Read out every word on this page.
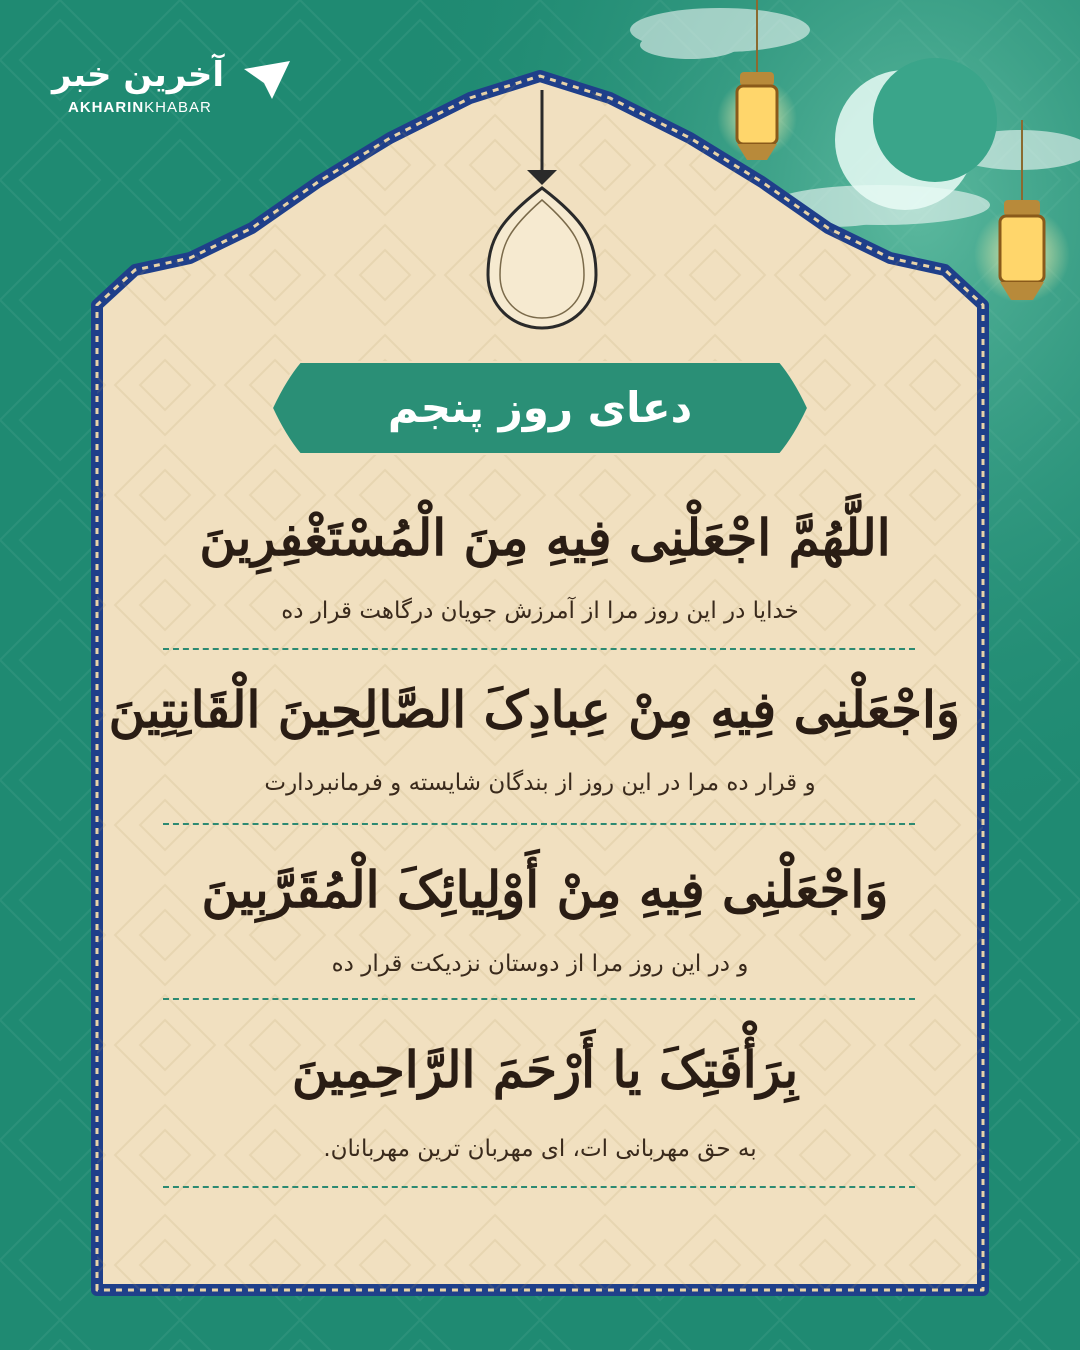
آخرین خبر
AKHARINKHABAR
دعای روز پنجم
اللَّهُمَّ اجْعَلْنِی فِیهِ مِنَ الْمُسْتَغْفِرِینَ
خدایا در این روز مرا از آمرزش جویان درگاهت قرار ده
وَاجْعَلْنِی فِیهِ مِنْ عِبادِکَ الصَّالِحِینَ الْقَانِتِینَ
و قرار ده مرا در این روز از بندگان شایسته و فرمانبردارت
وَاجْعَلْنِی فِیهِ مِنْ أَوْلِیائِکَ الْمُقَرَّبِینَ
و در این روز مرا از دوستان نزدیکت قرار ده
بِرَأْفَتِکَ یا أَرْحَمَ الرَّاحِمِینَ
به حق مهربانی ات، ای مهربان ترین مهربانان.
